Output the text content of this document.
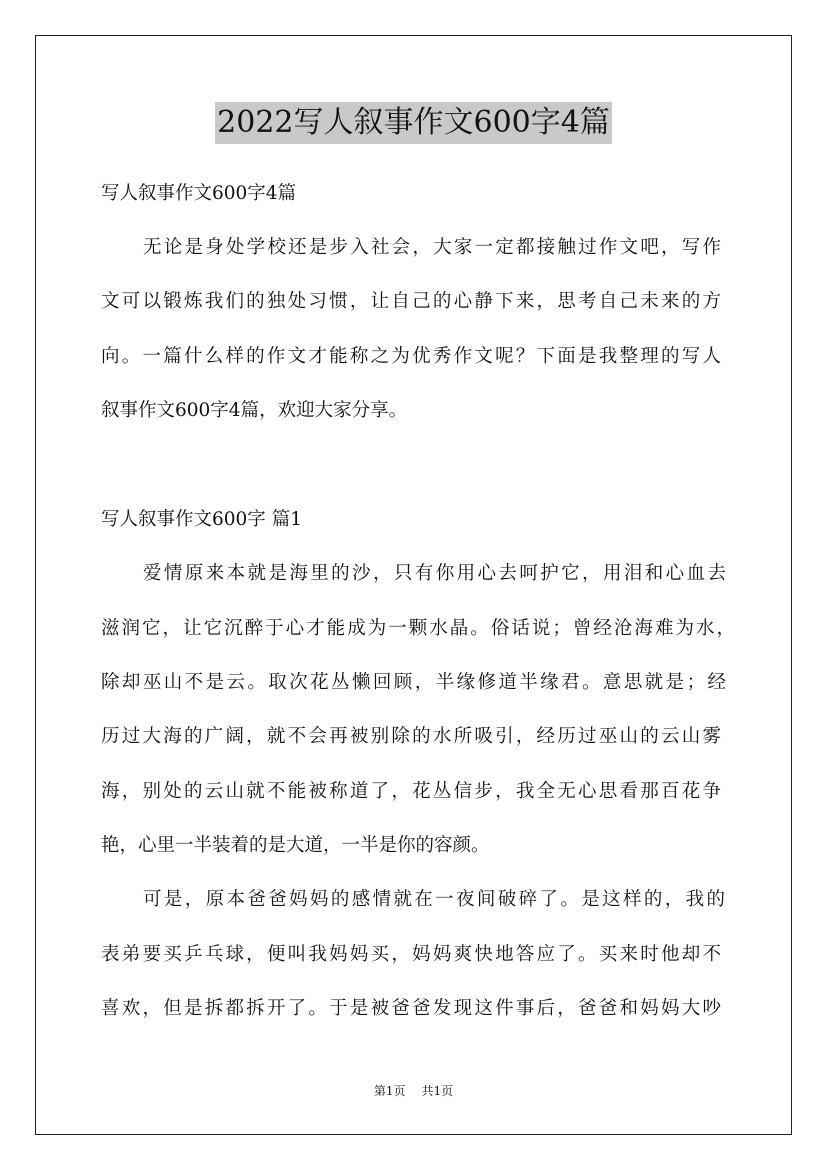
2022写人叙事作文600字4篇
写人叙事作文600字4篇
无论是身处学校还是步入社会，大家一定都接触过作文吧，写作
文可以锻炼我们的独处习惯，让自己的心静下来，思考自己未来的方
向。一篇什么样的作文才能称之为优秀作文呢？下面是我整理的写人
叙事作文600字4篇，欢迎大家分享。
写人叙事作文600字 篇1
爱情原来本就是海里的沙，只有你用心去呵护它，用泪和心血去
滋润它，让它沉醉于心才能成为一颗水晶。俗话说；曾经沧海难为水，
除却巫山不是云。取次花丛懒回顾，半缘修道半缘君。意思就是；经
历过大海的广阔，就不会再被别除的水所吸引，经历过巫山的云山雾
海，别处的云山就不能被称道了，花丛信步，我全无心思看那百花争
艳，心里一半装着的是大道，一半是你的容颜。
可是，原本爸爸妈妈的感情就在一夜间破碎了。是这样的，我的
表弟要买乒乓球，便叫我妈妈买，妈妈爽快地答应了。买来时他却不
喜欢，但是拆都拆开了。于是被爸爸发现这件事后，爸爸和妈妈大吵
第1页 共1页
